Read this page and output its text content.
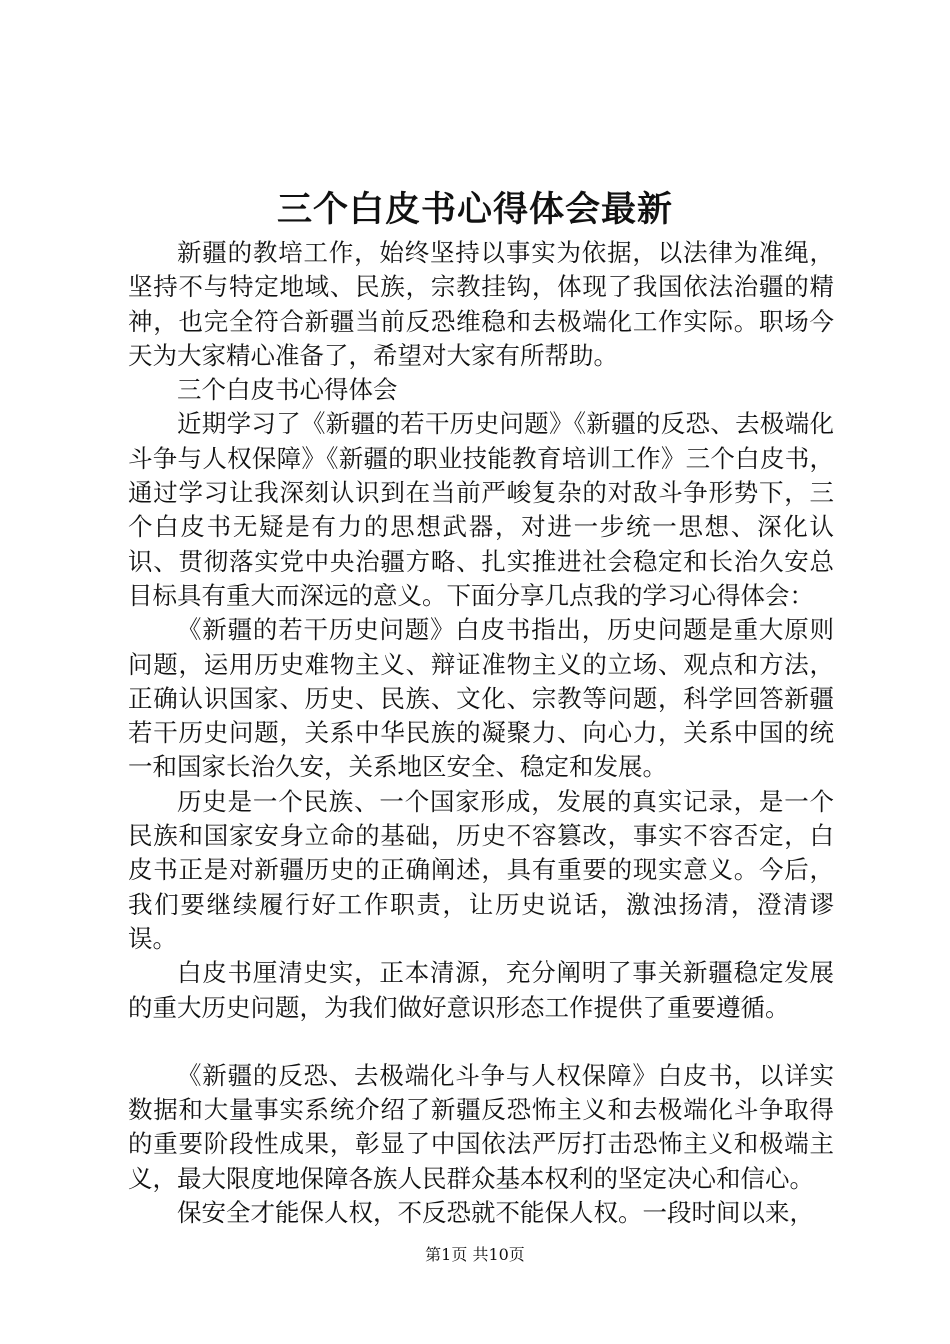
三个白皮书心得体会最新

新疆的教培工作，始终坚持以事实为依据，以法律为准绳，坚持不与特定地域、民族，宗教挂钩，体现了我国依法治疆的精神，也完全符合新疆当前反恐维稳和去极端化工作实际。职场今天为大家精心准备了，希望对大家有所帮助。

三个白皮书心得体会

近期学习了《新疆的若干历史问题》《新疆的反恐、去极端化斗争与人权保障》《新疆的职业技能教育培训工作》三个白皮书，通过学习让我深刻认识到在当前严峻复杂的对敌斗争形势下，三个白皮书无疑是有力的思想武器，对进一步统一思想、深化认识、贯彻落实党中央治疆方略、扎实推进社会稳定和长治久安总目标具有重大而深远的意义。下面分享几点我的学习心得体会：

《新疆的若干历史问题》白皮书指出，历史问题是重大原则问题，运用历史难物主义、辩证准物主义的立场、观点和方法，正确认识国家、历史、民族、文化、宗教等问题，科学回答新疆若干历史问题，关系中华民族的凝聚力、向心力，关系中国的统一和国家长治久安，关系地区安全、稳定和发展。

历史是一个民族、一个国家形成，发展的真实记录，是一个民族和国家安身立命的基础，历史不容篡改，事实不容否定，白皮书正是对新疆历史的正确阐述，具有重要的现实意义。今后，我们要继续履行好工作职责，让历史说话，激浊扬清，澄清谬误。

白皮书厘清史实，正本清源，充分阐明了事关新疆稳定发展的重大历史问题，为我们做好意识形态工作提供了重要遵循。

《新疆的反恐、去极端化斗争与人权保障》白皮书，以详实数据和大量事实系统介绍了新疆反恐怖主义和去极端化斗争取得的重要阶段性成果，彰显了中国依法严厉打击恐怖主义和极端主义，最大限度地保障各族人民群众基本权利的坚定决心和信心。

保安全才能保人权，不反恐就不能保人权。一段时间以来，

第1页 共10页
